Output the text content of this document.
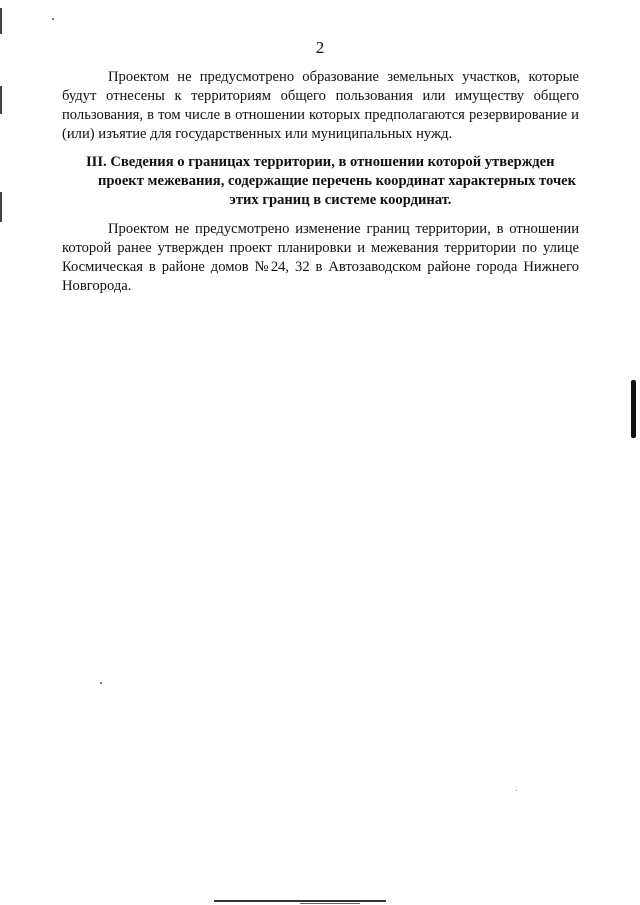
2

Проектом не предусмотрено образование земельных участков, которые будут отнесены к территориям общего пользования или имуществу общего пользования, в том числе в отношении которых предполагаются резервирование и (или) изъятие для государственных или муниципальных нужд.

III. Сведения о границах территории, в отношении которой утвержден
проект межевания, содержащие перечень координат характерных точек
этих границ в системе координат.

Проектом не предусмотрено изменение границ территории, в отношении которой ранее утвержден проект планировки и межевания территории по улице Космическая в районе домов №24, 32 в Автозаводском районе города Нижнего Новгорода.
